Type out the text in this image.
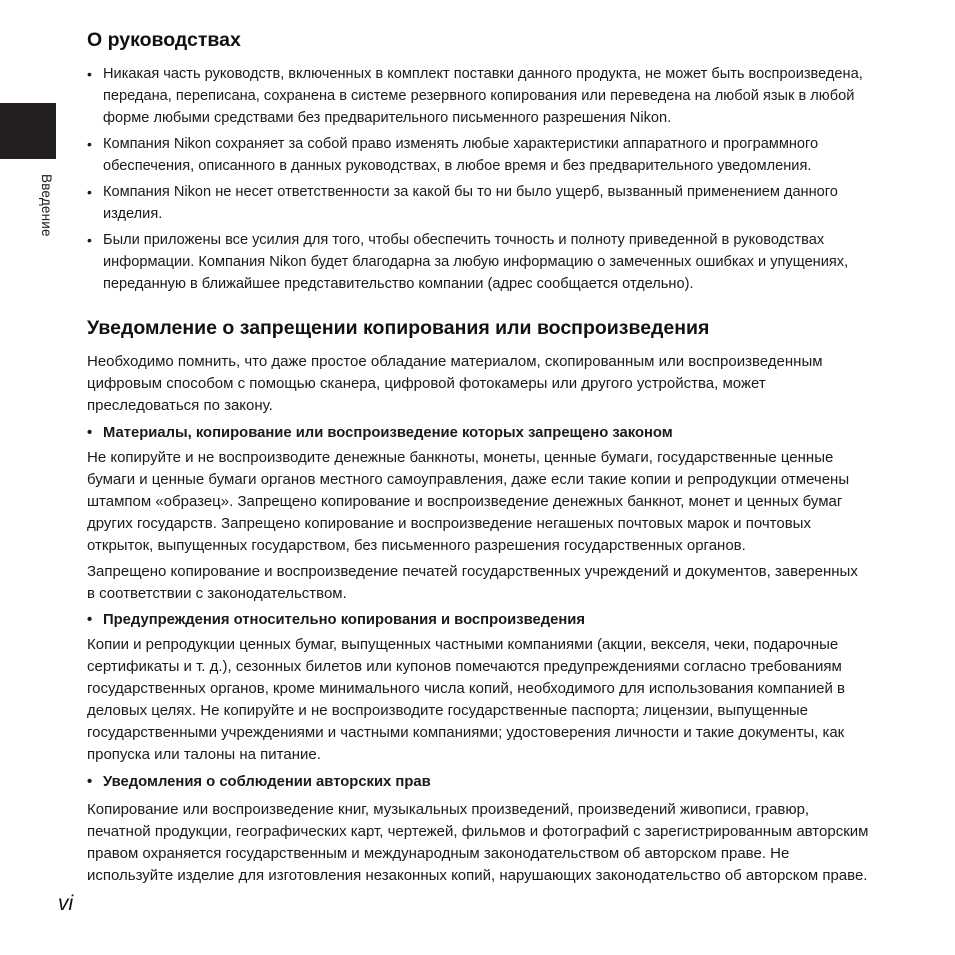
Введение
О руководствах
• Никакая часть руководств, включенных в комплект поставки данного продукта, не может быть воспроизведена, передана, переписана, сохранена в системе резервного копирования или переведена на любой язык в любой форме любыми средствами без предварительного письменного разрешения Nikon.
• Компания Nikon сохраняет за собой право изменять любые характеристики аппаратного и программного обеспечения, описанного в данных руководствах, в любое время и без предварительного уведомления.
• Компания Nikon не несет ответственности за какой бы то ни было ущерб, вызванный применением данного изделия.
• Были приложены все усилия для того, чтобы обеспечить точность и полноту приведенной в руководствах информации. Компания Nikon будет благодарна за любую информацию о замеченных ошибках и упущениях, переданную в ближайшее представительство компании (адрес сообщается отдельно).
Уведомление о запрещении копирования или воспроизведения

Необходимо помнить, что даже простое обладание материалом, скопированным или воспроизведенным цифровым способом с помощью сканера, цифровой фотокамеры или другого устройства, может преследоваться по закону.

• Материалы, копирование или воспроизведение которых запрещено законом

Не копируйте и не воспроизводите денежные банкноты, монеты, ценные бумаги, государственные ценные бумаги и ценные бумаги органов местного самоуправления, даже если такие копии и репродукции отмечены штампом «образец». Запрещено копирование и воспроизведение денежных банкнот, монет и ценных бумаг других государств. Запрещено копирование и воспроизведение негашеных почтовых марок и почтовых открыток, выпущенных государством, без письменного разрешения государственных органов.

Запрещено копирование и воспроизведение печатей государственных учреждений и документов, заверенных в соответствии с законодательством.

• Предупреждения относительно копирования и воспроизведения

Копии и репродукции ценных бумаг, выпущенных частными компаниями (акции, векселя, чеки, подарочные сертификаты и т. д.), сезонных билетов или купонов помечаются предупреждениями согласно требованиям государственных органов, кроме минимального числа копий, необходимого для использования компанией в деловых целях. Не копируйте и не воспроизводите государственные паспорта; лицензии, выпущенные государственными учреждениями и частными компаниями; удостоверения личности и такие документы, как пропуска или талоны на питание.

• Уведомления о соблюдении авторских прав

Копирование или воспроизведение книг, музыкальных произведений, произведений живописи, гравюр, печатной продукции, географических карт, чертежей, фильмов и фотографий с зарегистрированным авторским правом охраняется государственным и международным законодательством об авторском праве. Не используйте изделие для изготовления незаконных копий, нарушающих законодательство об авторском праве.

vi
